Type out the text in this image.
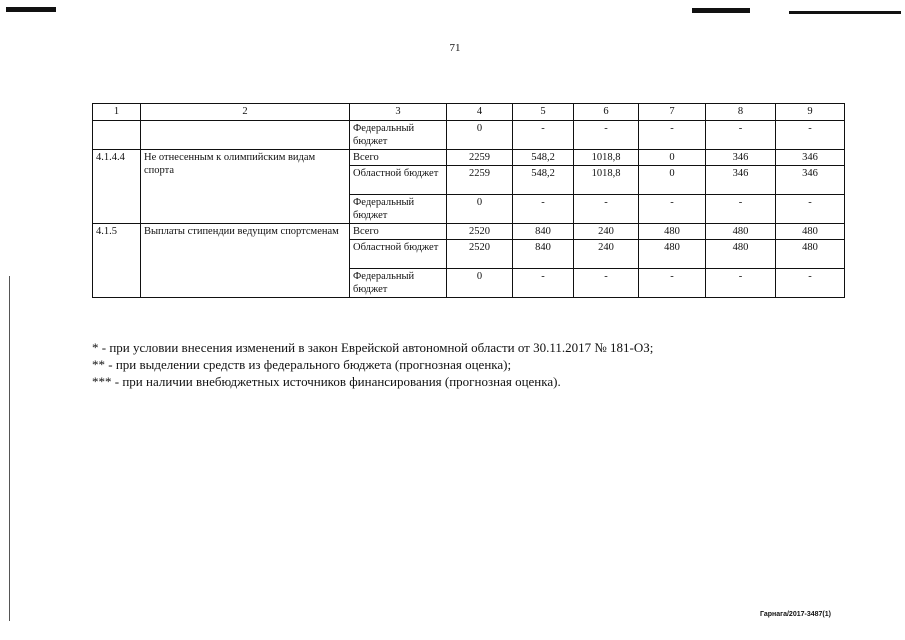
71
1	2	3	4	5	6	7	8	9
		Федеральный бюджет	0	-	-	-	-	-
4.1.4.4	Не отнесенным к олимпийским видам спорта	Всего	2259	548,2	1018,8	0	346	346
		Областной бюджет	2259	548,2	1018,8	0	346	346
		Федеральный бюджет	0	-	-	-	-	-
4.1.5	Выплаты стипендии ведущим спортсменам	Всего	2520	840	240	480	480	480
		Областной бюджет	2520	840	240	480	480	480
		Федеральный бюджет	0	-	-	-	-	-
* - при условии внесения изменений в закон Еврейской автономной области от 30.11.2017 № 181-ОЗ;
** - при выделении средств из федерального бюджета (прогнозная оценка);
*** - при наличии внебюджетных источников финансирования (прогнозная оценка).
Гарнага/2017-3487(1)
